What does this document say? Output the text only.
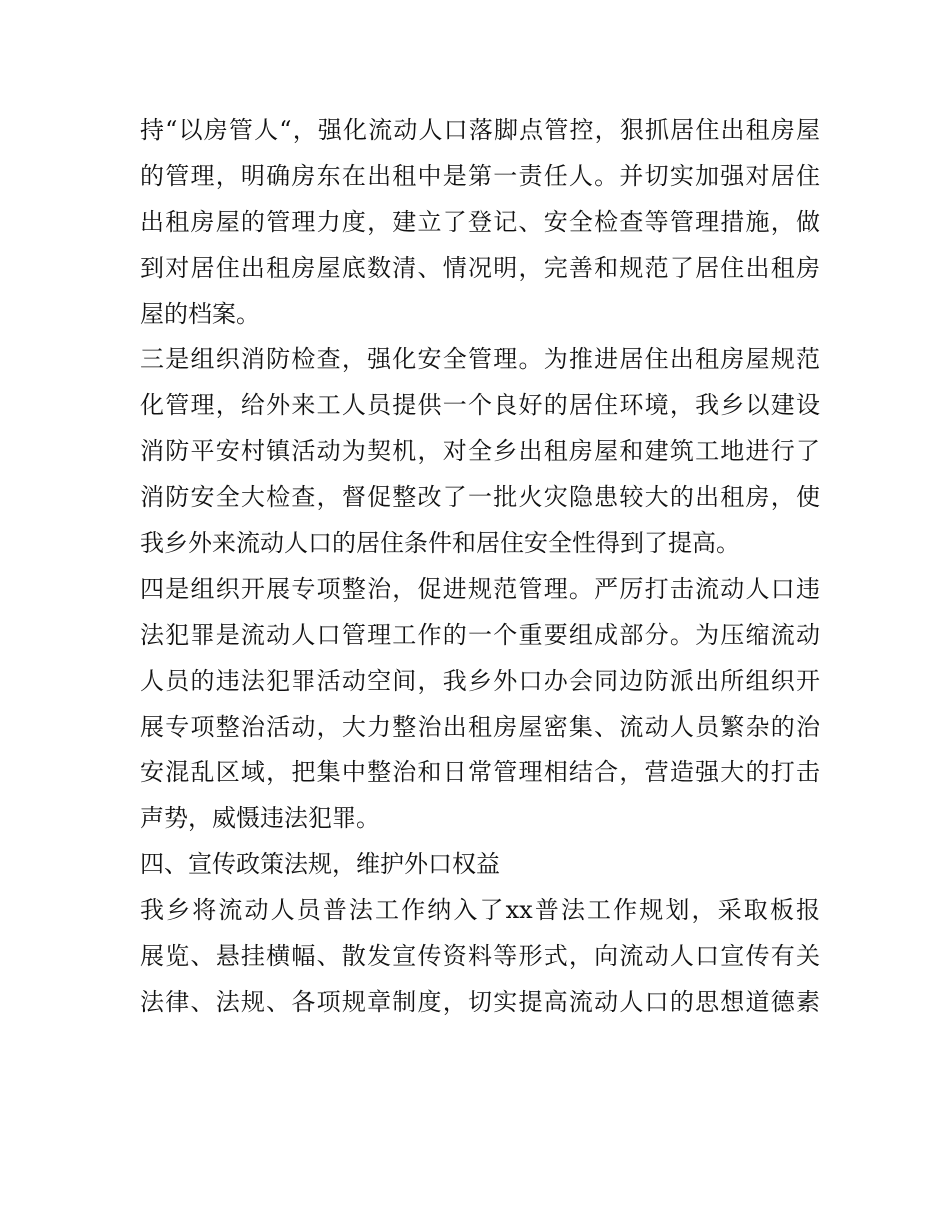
持“以房管人“，强化流动人口落脚点管控，狠抓居住出租房屋
的管理，明确房东在出租中是第一责任人。并切实加强对居住
出租房屋的管理力度，建立了登记、安全检查等管理措施，做
到对居住出租房屋底数清、情况明，完善和规范了居住出租房
屋的档案。
三是组织消防检查，强化安全管理。为推进居住出租房屋规范
化管理，给外来工人员提供一个良好的居住环境，我乡以建设
消防平安村镇活动为契机，对全乡出租房屋和建筑工地进行了
消防安全大检查，督促整改了一批火灾隐患较大的出租房，使
我乡外来流动人口的居住条件和居住安全性得到了提高。
四是组织开展专项整治，促进规范管理。严厉打击流动人口违
法犯罪是流动人口管理工作的一个重要组成部分。为压缩流动
人员的违法犯罪活动空间，我乡外口办会同边防派出所组织开
展专项整治活动，大力整治出租房屋密集、流动人员繁杂的治
安混乱区域，把集中整治和日常管理相结合，营造强大的打击
声势，威慑违法犯罪。
四、宣传政策法规，维护外口权益
我乡将流动人员普法工作纳入了xx普法工作规划，采取板报
展览、悬挂横幅、散发宣传资料等形式，向流动人口宣传有关
法律、法规、各项规章制度，切实提高流动人口的思想道德素
